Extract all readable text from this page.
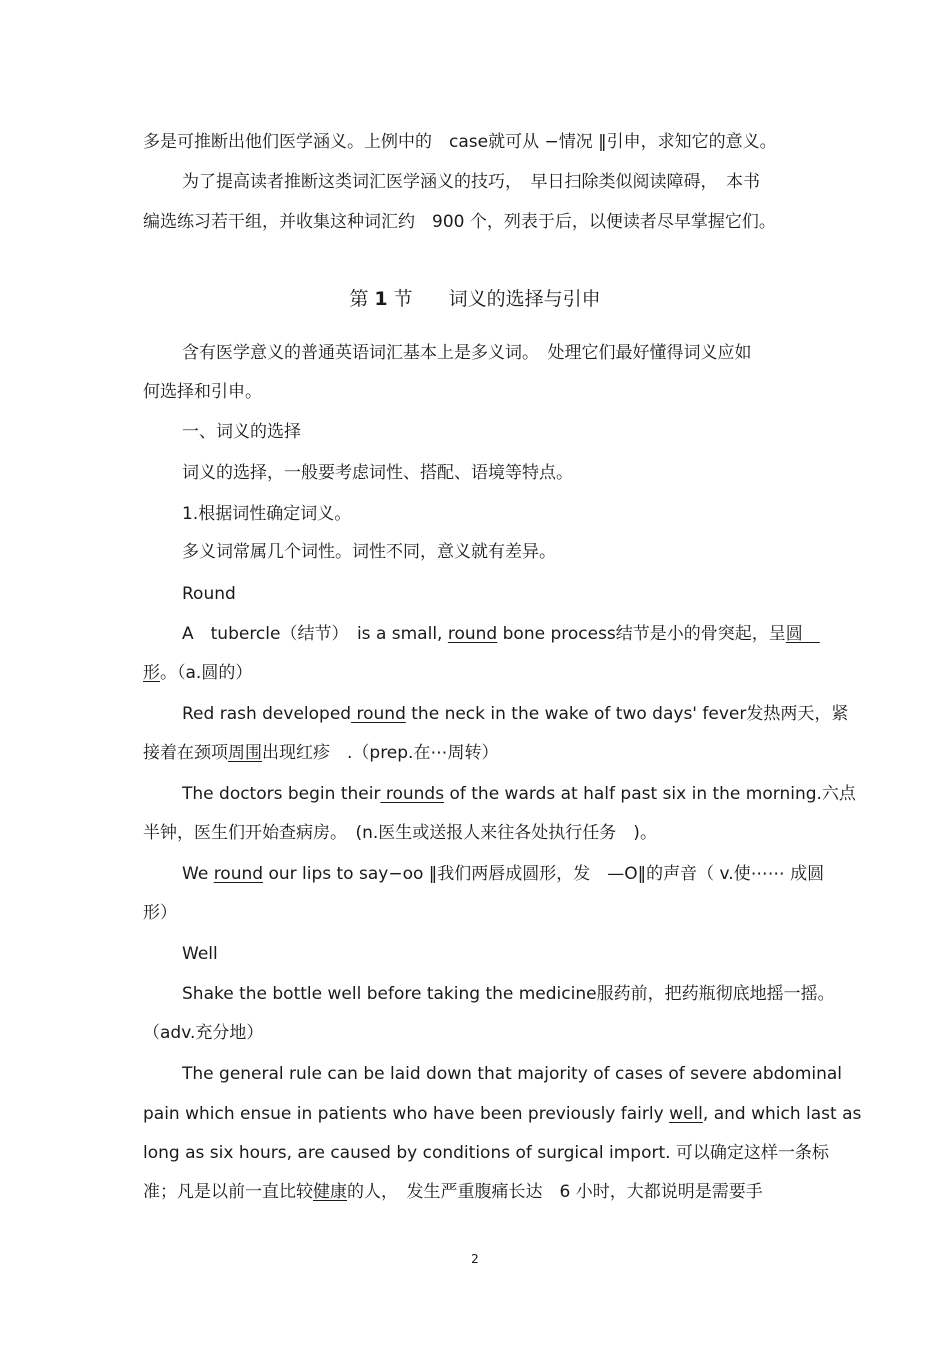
多是可推断出他们医学涵义。上例中的　case就可从 −情况 ‖引申，求知它的意义。
为了提高读者推断这类词汇医学涵义的技巧，　早日扫除类似阅读障碍，　本书
编选练习若干组，并收集这种词汇约　900 个，列表于后，以便读者尽早掌握它们。
第 1 节 词义的选择与引申
含有医学意义的普通英语词汇基本上是多义词。　处理它们最好懂得词义应如
何选择和引申。
一、词义的选择
词义的选择，一般要考虑词性、搭配、语境等特点。
1.根据词性确定词义。
多义词常属几个词性。词性不同，意义就有差异。
Round
A　tubercle（结节）　is a small, round bone process结节是小的骨突起，呈圆　
形。（a.圆的）
Red rash developed round the neck in the wake of two days' fever发热两天，紧
接着在颈项周围出现红疹　.（prep.在⋯周转）
The doctors begin their rounds of the wards at half past six in the morning.六点
半钟，医生们开始查病房。　(n.医生或送报人来往各处执行任务　)。
We round our lips to say−oo ‖我们两唇成圆形，发　—O‖的声音（ v.使⋯⋯ 成圆
形）
Well
Shake the bottle well before taking the medicine服药前，把药瓶彻底地摇一摇。
（adv.充分地）
The general rule can be laid down that majority of cases of severe abdominal
pain which ensue in patients who have been previously fairly well, and which last as
long as six hours, are caused by conditions of surgical import. 可以确定这样一条标
准；凡是以前一直比较健康的人，　发生严重腹痛长达　6 小时，大都说明是需要手
2
